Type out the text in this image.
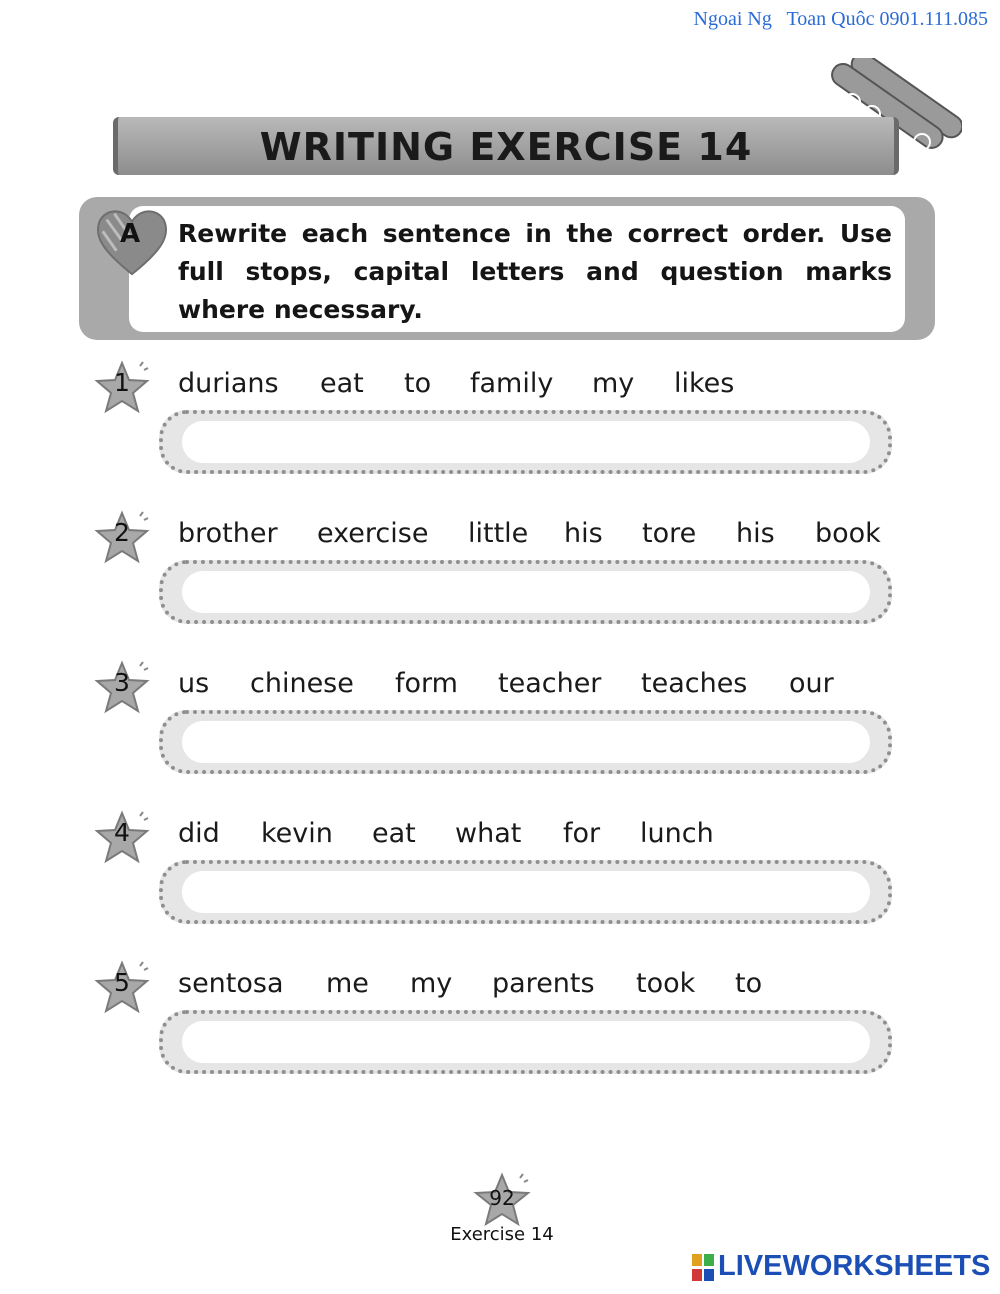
Ngoai Ng   Toan Quôc 0901.111.085
WRITING EXERCISE 14
A Rewrite each sentence in the correct order. Use full stops, capital letters and question marks where necessary.
1	durians eat to family my likes
2	brother exercise little his tore his book
3	us chinese form teacher teaches our
4	did kevin eat what for lunch
5	sentosa me my parents took to
92
Exercise 14
LIVEWORKSHEETS
